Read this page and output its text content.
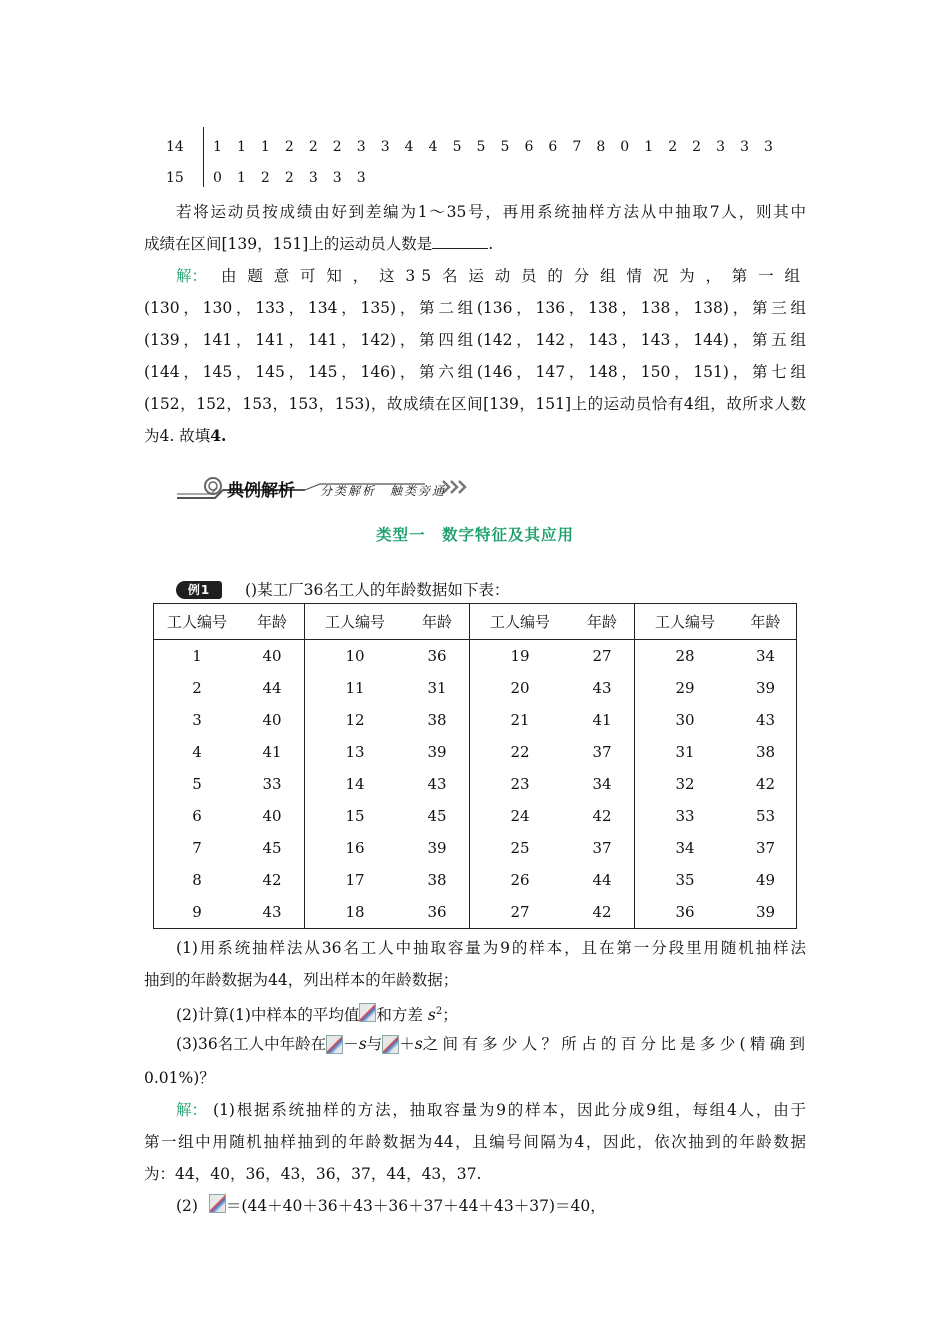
14	1 1 1 2 2 2 3 3 4 4 5 5 5 6 6 7 8 0 1 2 2 3 3 3
15	0 1 2 2 3 3 3
若将运动员按成绩由好到差编为1～35号，再用系统抽样方法从中抽取7人，则其中
成绩在区间[139，151]上的运动员人数是	.
解： 由题意可知，这35名运动员的分组情况为，第一组
(130，130，133，134，135)，第二组(136，136，138，138，138)，第三组
(139，141，141，141，142)，第四组(142，142，143，143，144)，第五组
(144，145，145，145，146)，第六组(146，147，148，150，151)，第七组
(152，152，153，153，153)，故成绩在区间[139，151]上的运动员恰有4组，故所求人数
为4. 故填4.
典例解析 分类解析　触类旁通
类型一　数字特征及其应用
例1	()某工厂36名工人的年龄数据如下表：
工人编号	年龄	工人编号	年龄	工人编号	年龄	工人编号	年龄
1	40	10	36	19	27	28	34
2	44	11	31	20	43	29	39
3	40	12	38	21	41	30	43
4	41	13	39	22	37	31	38
5	33	14	43	23	34	32	42
6	40	15	45	24	42	33	53
7	45	16	39	25	37	34	37
8	42	17	38	26	44	35	49
9	43	18	36	27	42	36	39
(1)用系统抽样法从36名工人中抽取容量为9的样本，且在第一分段里用随机抽样法
抽到的年龄数据为44，列出样本的年龄数据；
(2)计算(1)中样本的平均值 和方差 $s^2$；
(3)36名工人中年龄在 － s 与 ＋ s 之间有多少人？所占的百分比是多少(精确到
0.01%)？
解： (1)根据系统抽样的方法，抽取容量为9的样本，因此分成9组，每组4人，由于
第一组中用随机抽样抽到的年龄数据为44，且编号间隔为4，因此，依次抽到的年龄数据
为：44，40，36，43，36，37，44，43，37.
(2) ＝(44＋40＋36＋43＋36＋37＋44＋43＋37)＝40，
